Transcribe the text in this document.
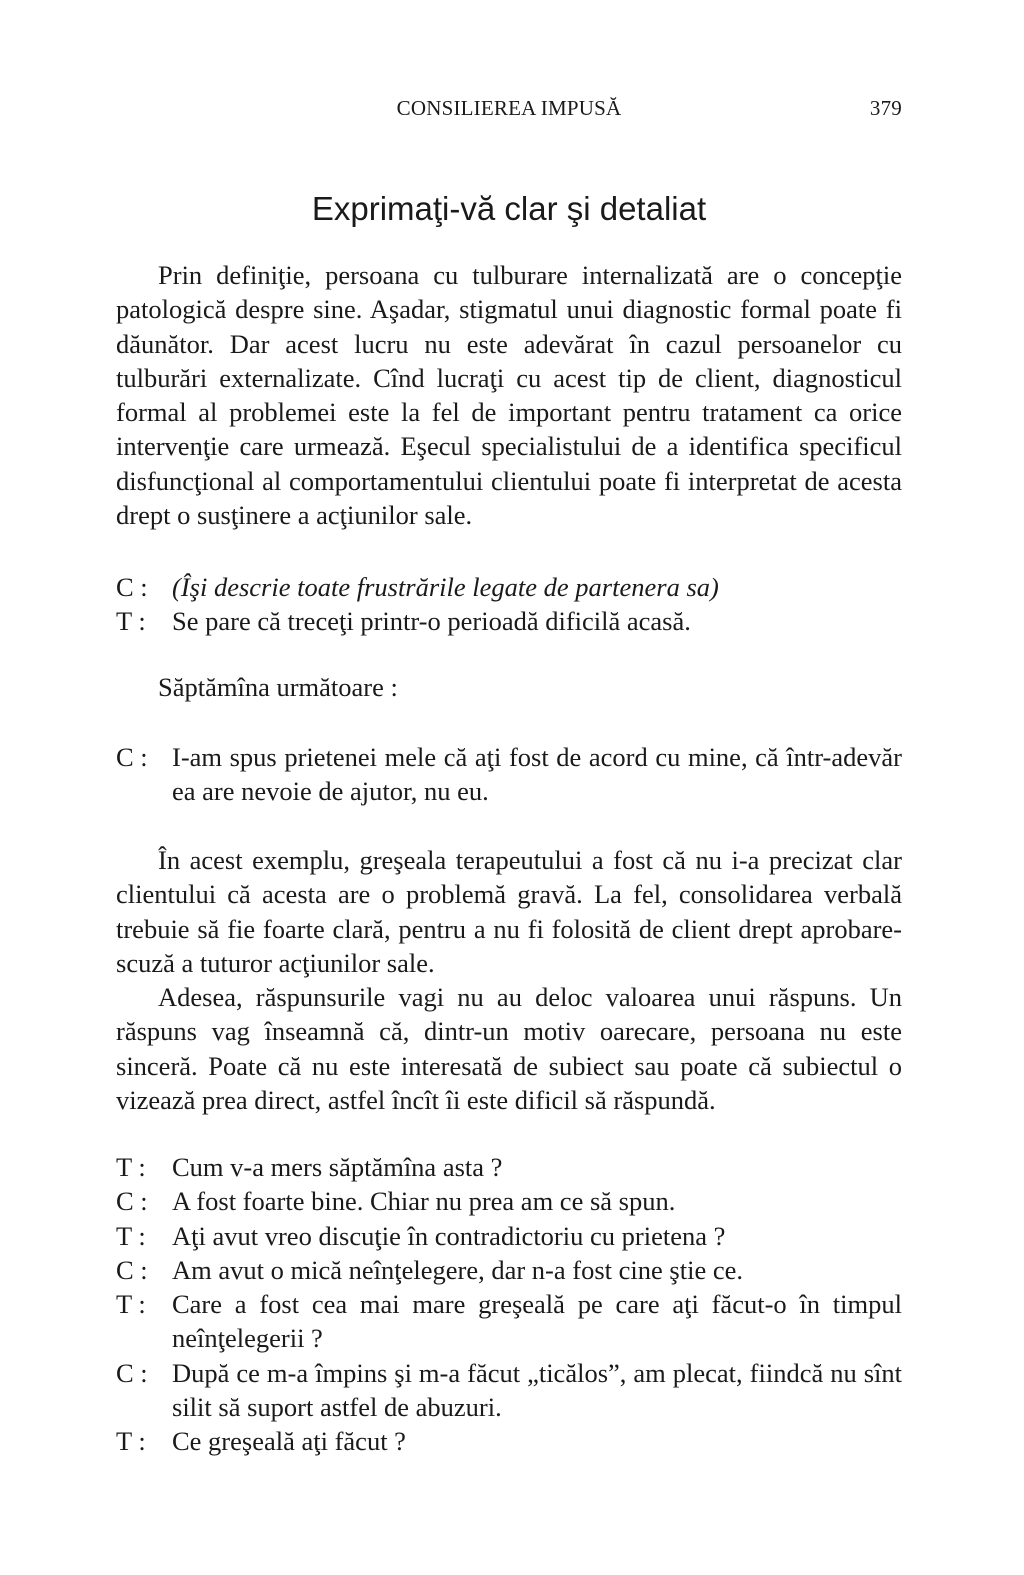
CONSILIEREA IMPUSĂ	379
Exprimaţi-vă clar şi detaliat

Prin definiţie, persoana cu tulburare internalizată are o concepţie patologică despre sine. Aşadar, stigmatul unui diagnostic formal poate fi dăunător. Dar acest lucru nu este adevărat în cazul persoanelor cu tulburări externalizate. Cînd lucraţi cu acest tip de client, diagnosticul formal al problemei este la fel de important pentru tratament ca orice intervenţie care urmează. Eşecul specialistului de a identifica specificul disfuncţional al comportamentului clientului poate fi interpretat de acesta drept o susţinere a acţiunilor sale.

C : (Îşi descrie toate frustrările legate de partenera sa)
T : Se pare că treceţi printr-o perioadă dificilă acasă.

Săptămîna următoare :

C : I-am spus prietenei mele că aţi fost de acord cu mine, că într-adevăr ea are nevoie de ajutor, nu eu.

În acest exemplu, greşeala terapeutului a fost că nu i-a precizat clar clientului că acesta are o problemă gravă. La fel, consolidarea verbală trebuie să fie foarte clară, pentru a nu fi folosită de client drept aprobare-scuză a tuturor acţiunilor sale.

Adesea, răspunsurile vagi nu au deloc valoarea unui răspuns. Un răspuns vag înseamnă că, dintr-un motiv oarecare, persoana nu este sinceră. Poate că nu este interesată de subiect sau poate că subiectul o vizează prea direct, astfel încît îi este dificil să răspundă.

T : Cum v-a mers săptămîna asta ?
C : A fost foarte bine. Chiar nu prea am ce să spun.
T : Aţi avut vreo discuţie în contradictoriu cu prietena ?
C : Am avut o mică neînţelegere, dar n-a fost cine ştie ce.
T : Care a fost cea mai mare greşeală pe care aţi făcut-o în timpul neînţelegerii ?
C : După ce m-a împins şi m-a făcut „ticălos”, am plecat, fiindcă nu sînt silit să suport astfel de abuzuri.
T : Ce greşeală aţi făcut ?
